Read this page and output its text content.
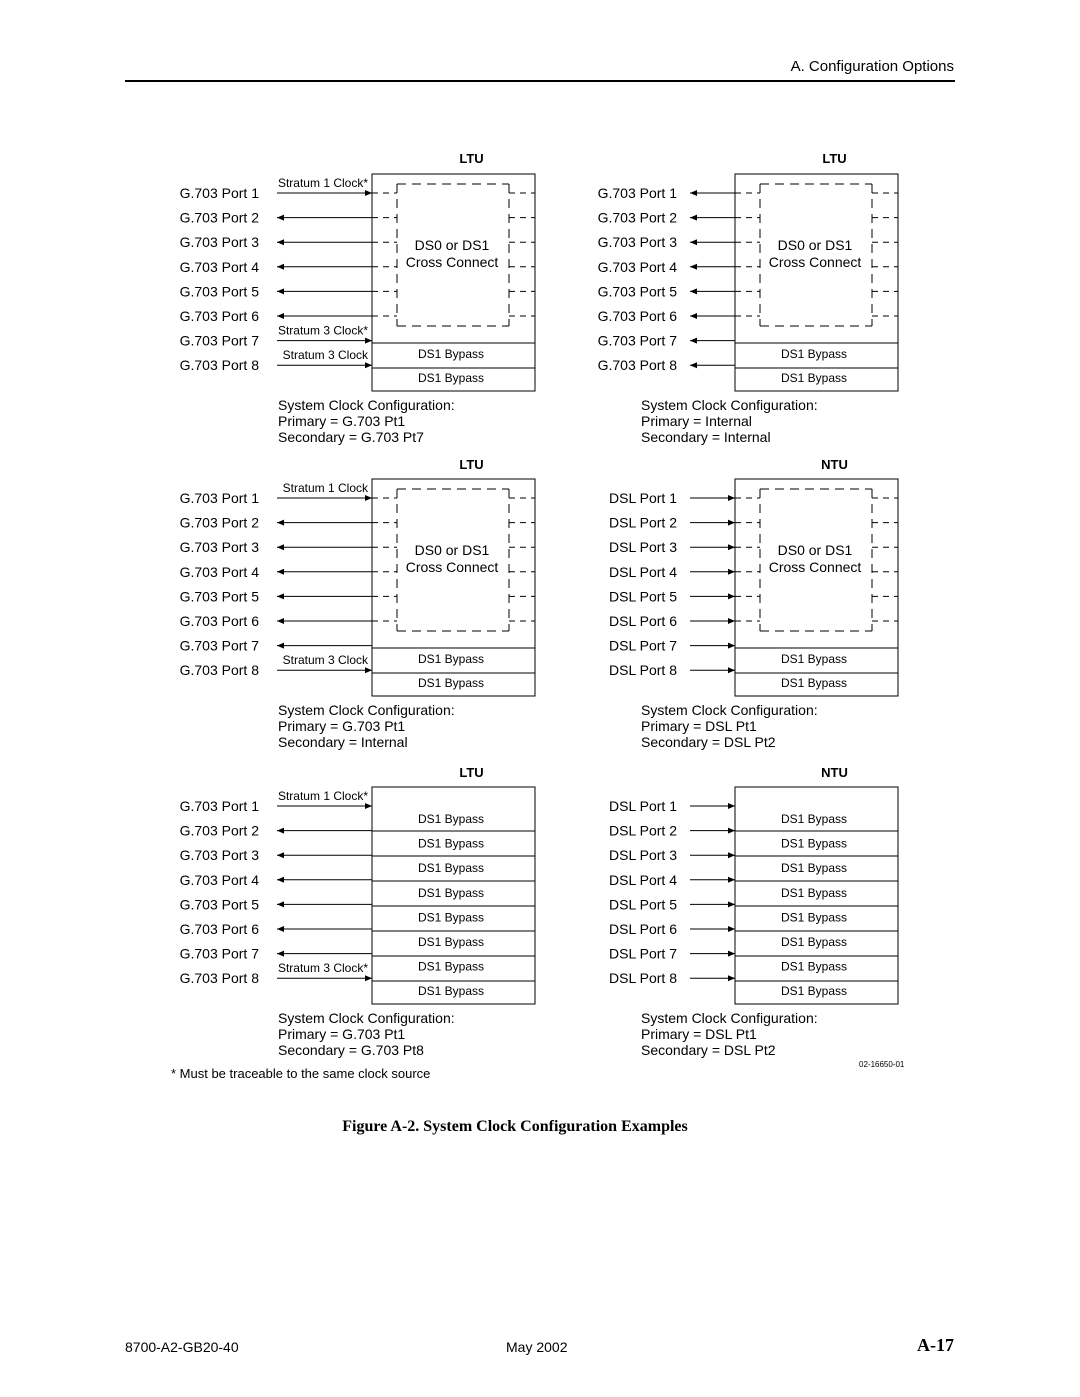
A. Configuration Options
LTU
DS0 or DS1
Cross Connect
DS1 Bypass
DS1 Bypass
G.703 Port 1
G.703 Port 2
G.703 Port 3
G.703 Port 4
G.703 Port 5
G.703 Port 6
G.703 Port 7
G.703 Port 8
Stratum 1 Clock*
Stratum 3 Clock*
Stratum 3 Clock
System Clock Configuration:
Primary = G.703 Pt1
Secondary = G.703 Pt7
LTU
DS0 or DS1
Cross Connect
DS1 Bypass
DS1 Bypass
G.703 Port 1
G.703 Port 2
G.703 Port 3
G.703 Port 4
G.703 Port 5
G.703 Port 6
G.703 Port 7
G.703 Port 8
System Clock Configuration:
Primary = Internal
Secondary = Internal
LTU
DS0 or DS1
Cross Connect
DS1 Bypass
DS1 Bypass
G.703 Port 1
G.703 Port 2
G.703 Port 3
G.703 Port 4
G.703 Port 5
G.703 Port 6
G.703 Port 7
G.703 Port 8
Stratum 1 Clock
Stratum 3 Clock
System Clock Configuration:
Primary = G.703 Pt1
Secondary = Internal
NTU
DS0 or DS1
Cross Connect
DS1 Bypass
DS1 Bypass
DSL Port 1
DSL Port 2
DSL Port 3
DSL Port 4
DSL Port 5
DSL Port 6
DSL Port 7
DSL Port 8
System Clock Configuration:
Primary = DSL Pt1
Secondary = DSL Pt2
LTU
DS1 Bypass
DS1 Bypass
DS1 Bypass
DS1 Bypass
DS1 Bypass
DS1 Bypass
DS1 Bypass
DS1 Bypass
G.703 Port 1
G.703 Port 2
G.703 Port 3
G.703 Port 4
G.703 Port 5
G.703 Port 6
G.703 Port 7
G.703 Port 8
Stratum 1 Clock*
Stratum 3 Clock*
System Clock Configuration:
Primary = G.703 Pt1
Secondary = G.703 Pt8
NTU
DS1 Bypass
DS1 Bypass
DS1 Bypass
DS1 Bypass
DS1 Bypass
DS1 Bypass
DS1 Bypass
DS1 Bypass
DSL Port 1
DSL Port 2
DSL Port 3
DSL Port 4
DSL Port 5
DSL Port 6
DSL Port 7
DSL Port 8
System Clock Configuration:
Primary = DSL Pt1
Secondary = DSL Pt2
* Must be traceable to the same clock source
02-16650-01
Figure A-2. System Clock Configuration Examples
8700-A2-GB20-40	May 2002	A-17
